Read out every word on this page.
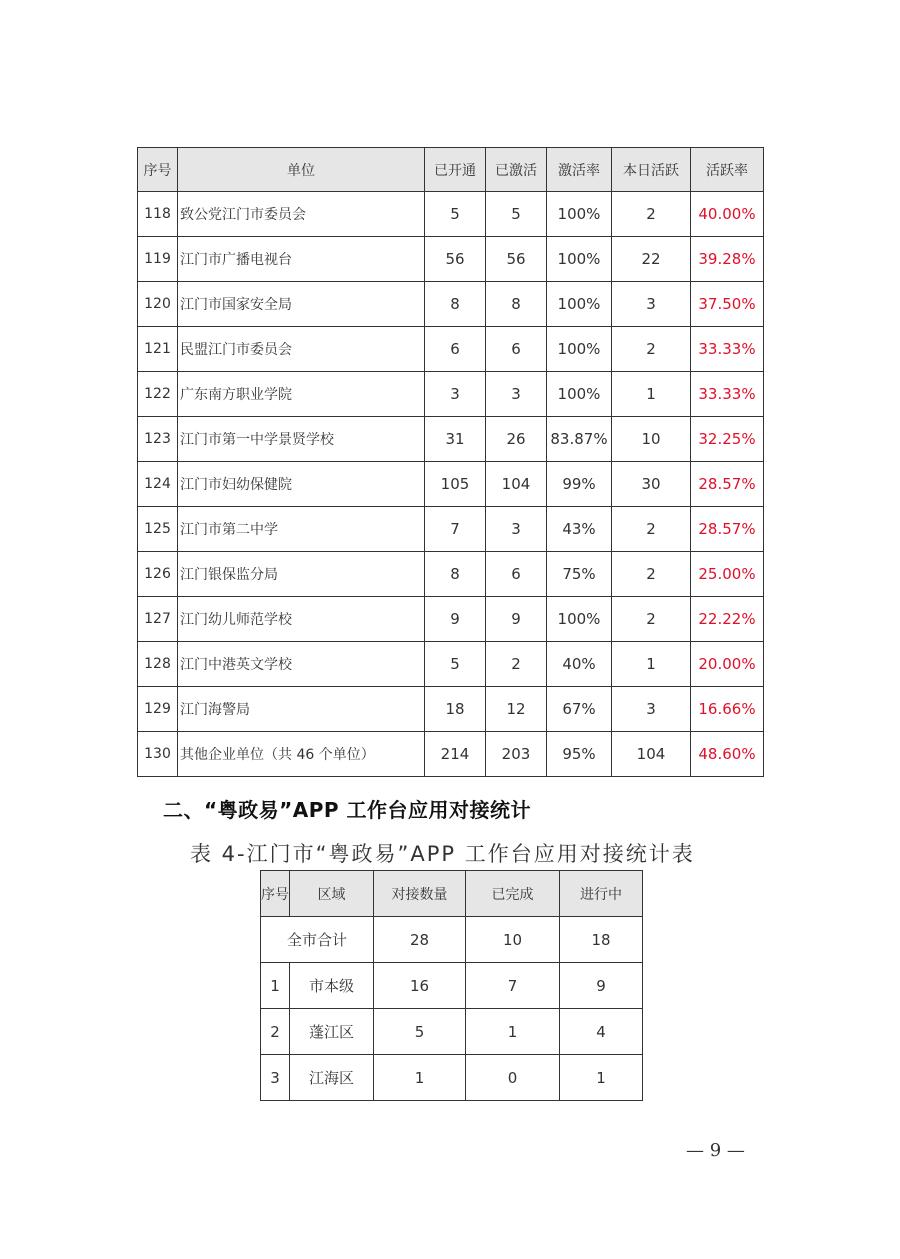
序号	单位	已开通	已激活	激活率	本日活跃	活跃率
118	致公党江门市委员会	5	5	100%	2	40.00%
119	江门市广播电视台	56	56	100%	22	39.28%
120	江门市国家安全局	8	8	100%	3	37.50%
121	民盟江门市委员会	6	6	100%	2	33.33%
122	广东南方职业学院	3	3	100%	1	33.33%
123	江门市第一中学景贤学校	31	26	83.87%	10	32.25%
124	江门市妇幼保健院	105	104	99%	30	28.57%
125	江门市第二中学	7	3	43%	2	28.57%
126	江门银保监分局	8	6	75%	2	25.00%
127	江门幼儿师范学校	9	9	100%	2	22.22%
128	江门中港英文学校	5	2	40%	1	20.00%
129	江门海警局	18	12	67%	3	16.66%
130	其他企业单位（共 46 个单位）	214	203	95%	104	48.60%
二、“粤政易”APP 工作台应用对接统计

表 4-江门市“粤政易”APP 工作台应用对接统计表

序号	区域	对接数量	已完成	进行中
全市合计		28	10	18
1	市本级	16	7	9
2	蓬江区	5	1	4
3	江海区	1	0	1

— 9 —
